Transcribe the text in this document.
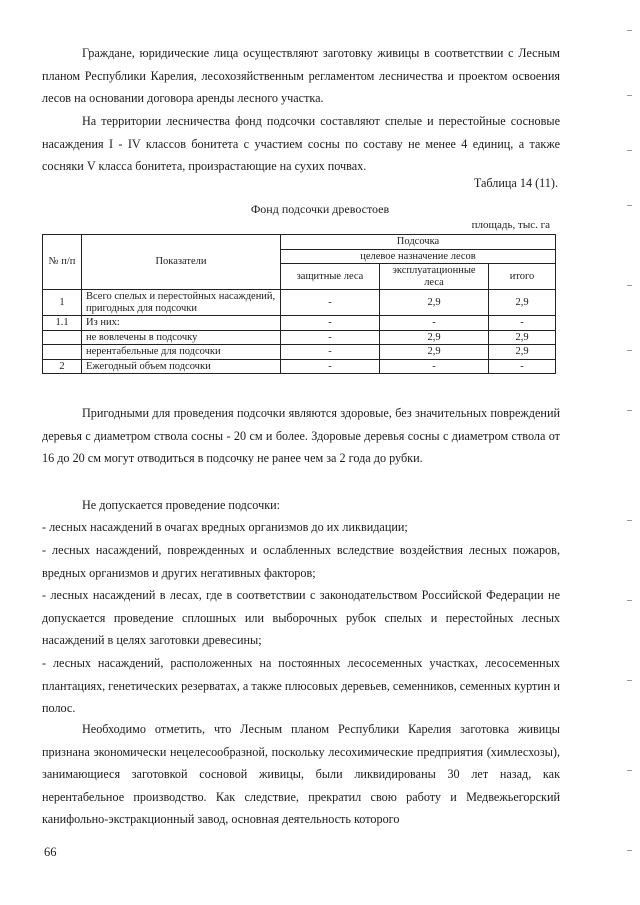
Граждане, юридические лица осуществляют заготовку живицы в соответствии с Лесным планом Республики Карелия, лесохозяйственным регламентом лесничества и проектом освоения лесов на основании договора аренды лесного участка.

На территории лесничества фонд подсочки составляют спелые и перестойные сосновые насаждения I - IV классов бонитета с участием сосны по составу не менее 4 единиц, а также сосняки V класса бонитета, произрастающие на сухих почвах.

Таблица 14 (11).
Фонд подсочки древостоев
площадь, тыс. га
№ п/п	Показатели	Подсочка		
		целевое назначение лесов		
		защитные леса	эксплуатационные леса	итого
1	Всего спелых и перестойных насаждений, пригодных для подсочки	-	2,9	2,9
1.1	Из них:	-	-	-
	не вовлечены в подсочку	-	2,9	2,9
	нерентабельные для подсочки	-	2,9	2,9
2	Ежегодный объем подсочки	-	-	-

Пригодными для проведения подсочки являются здоровые, без значительных повреждений деревья с диаметром ствола сосны - 20 см и более. Здоровые деревья сосны с диаметром ствола от 16 до 20 см могут отводиться в подсочку не ранее чем за 2 года до рубки.

Не допускается проведение подсочки:

- лесных насаждений в очагах вредных организмов до их ликвидации;

- лесных насаждений, поврежденных и ослабленных вследствие воздействия лесных пожаров, вредных организмов и других негативных факторов;

- лесных насаждений в лесах, где в соответствии с законодательством Российской Федерации не допускается проведение сплошных или выборочных рубок спелых и перестойных лесных насаждений в целях заготовки древесины;

- лесных насаждений, расположенных на постоянных лесосеменных участках, лесосеменных плантациях, генетических резерватах, а также плюсовых деревьев, семенников, семенных куртин и полос.

Необходимо отметить, что Лесным планом Республики Карелия заготовка живицы признана экономически нецелесообразной, поскольку лесохимические предприятия (химлесхозы), занимающиеся заготовкой сосновой живицы, были ликвидированы 30 лет назад, как нерентабельное производство. Как следствие, прекратил свою работу и Медвежьегорский канифольно-экстракционный завод, основная деятельность которого

66
